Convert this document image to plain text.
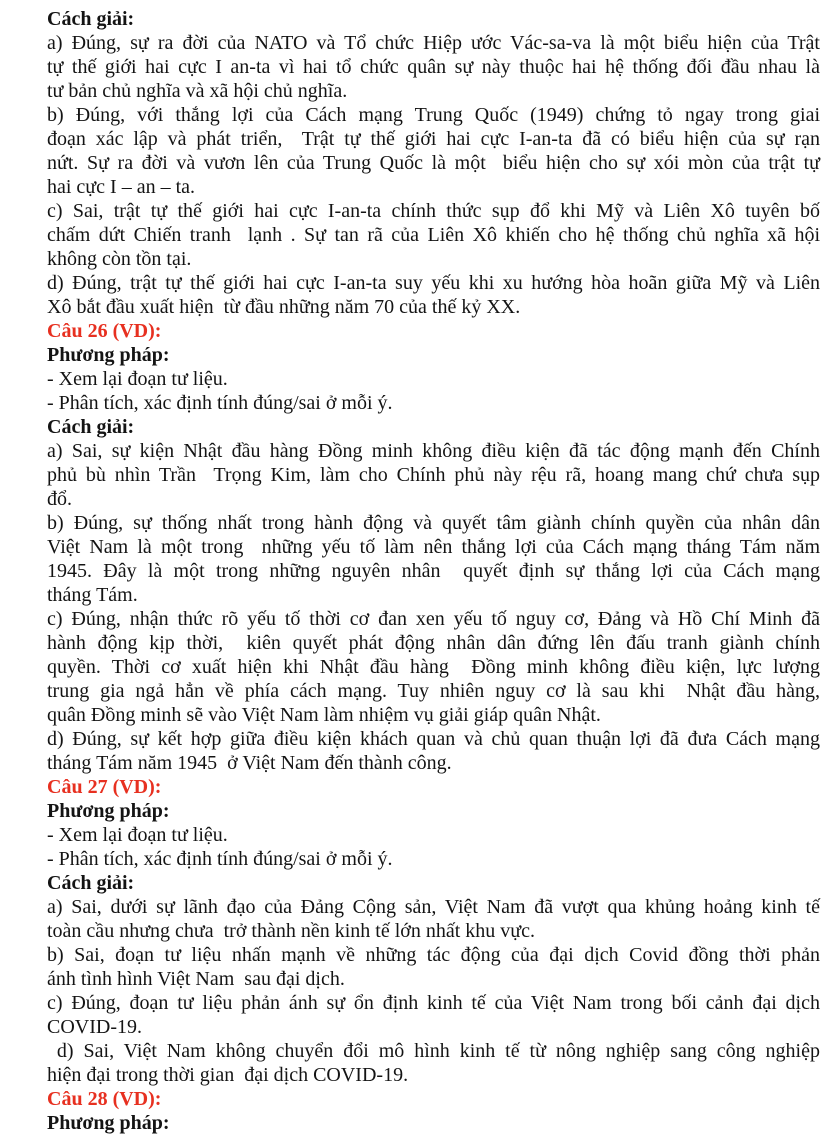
Cách giải:
a) Đúng, sự ra đời của NATO và Tổ chức Hiệp ước Vác-sa-va là một biểu hiện của Trật
tự thế giới hai cực I an-ta vì hai tổ chức quân sự này thuộc hai hệ thống đối đầu nhau là
tư bản chủ nghĩa và xã hội chủ nghĩa.
b) Đúng, với thắng lợi của Cách mạng Trung Quốc (1949) chứng tỏ ngay trong giai
đoạn xác lập và phát triển,  Trật tự thế giới hai cực I-an-ta đã có biểu hiện của sự rạn
nứt. Sự ra đời và vươn lên của Trung Quốc là một  biểu hiện cho sự xói mòn của trật tự
hai cực I – an – ta.
c) Sai, trật tự thế giới hai cực I-an-ta chính thức sụp đổ khi Mỹ và Liên Xô tuyên bố
chấm dứt Chiến tranh  lạnh . Sự tan rã của Liên Xô khiến cho hệ thống chủ nghĩa xã hội
không còn tồn tại.
d) Đúng, trật tự thế giới hai cực I-an-ta suy yếu khi xu hướng hòa hoãn giữa Mỹ và Liên
Xô bắt đầu xuất hiện  từ đầu những năm 70 của thế kỷ XX.
Câu 26 (VD):
Phương pháp:
- Xem lại đoạn tư liệu.
- Phân tích, xác định tính đúng/sai ở mỗi ý.
Cách giải:
a) Sai, sự kiện Nhật đầu hàng Đồng minh không điều kiện đã tác động mạnh đến Chính
phủ bù nhìn Trần  Trọng Kim, làm cho Chính phủ này rệu rã, hoang mang chứ chưa sụp
đổ.
b) Đúng, sự thống nhất trong hành động và quyết tâm giành chính quyền của nhân dân
Việt Nam là một trong  những yếu tố làm nên thắng lợi của Cách mạng tháng Tám năm
1945. Đây là một trong những nguyên nhân  quyết định sự thắng lợi của Cách mạng
tháng Tám.
c) Đúng, nhận thức rõ yếu tố thời cơ đan xen yếu tố nguy cơ, Đảng và Hồ Chí Minh đã
hành động kịp thời,  kiên quyết phát động nhân dân đứng lên đấu tranh giành chính
quyền. Thời cơ xuất hiện khi Nhật đầu hàng  Đồng minh không điều kiện, lực lượng
trung gia ngả hẳn về phía cách mạng. Tuy nhiên nguy cơ là sau khi  Nhật đầu hàng,
quân Đồng minh sẽ vào Việt Nam làm nhiệm vụ giải giáp quân Nhật.
d) Đúng, sự kết hợp giữa điều kiện khách quan và chủ quan thuận lợi đã đưa Cách mạng
tháng Tám năm 1945  ở Việt Nam đến thành công.
Câu 27 (VD):
Phương pháp:
- Xem lại đoạn tư liệu.
- Phân tích, xác định tính đúng/sai ở mỗi ý.
Cách giải:
a) Sai, dưới sự lãnh đạo của Đảng Cộng sản, Việt Nam đã vượt qua khủng hoảng kinh tế
toàn cầu nhưng chưa  trở thành nền kinh tế lớn nhất khu vực.
b) Sai, đoạn tư liệu nhấn mạnh về những tác động của đại dịch Covid đồng thời phản
ánh tình hình Việt Nam  sau đại dịch.
c) Đúng, đoạn tư liệu phản ánh sự ổn định kinh tế của Việt Nam trong bối cảnh đại dịch
COVID-19.
d) Sai, Việt Nam không chuyển đổi mô hình kinh tế từ nông nghiệp sang công nghiệp
hiện đại trong thời gian  đại dịch COVID-19.
Câu 28 (VD):
Phương pháp:
